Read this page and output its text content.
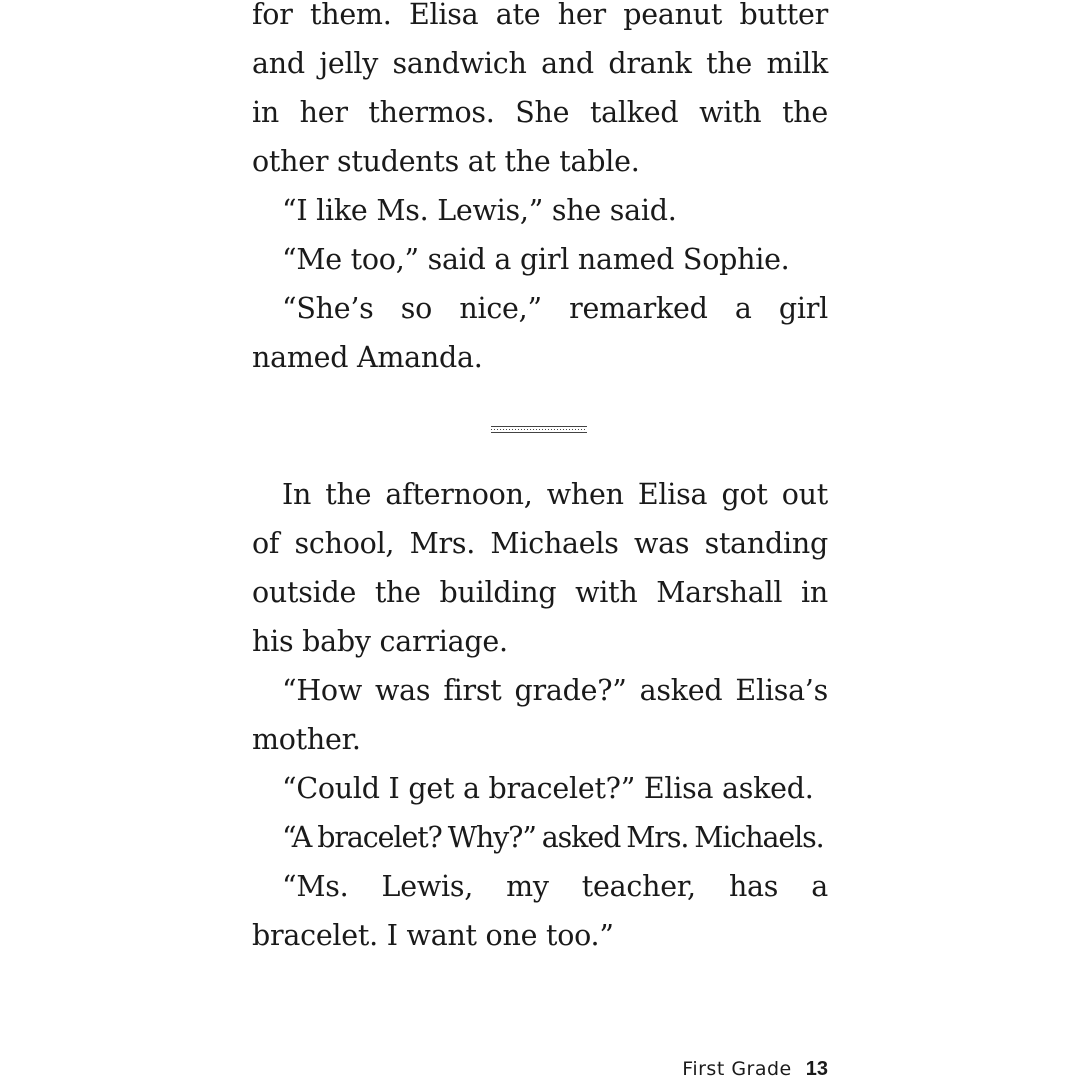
for them. Elisa ate her peanut butter and jelly sandwich and drank the milk in her thermos. She talked with the other students at the table.

“I like Ms. Lewis,” she said.

“Me too,” said a girl named Sophie.

“She’s so nice,” remarked a girl named Amanda.

In the afternoon, when Elisa got out of school, Mrs. Michaels was standing outside the building with Marshall in his baby carriage.

“How was first grade?” asked Elisa’s mother.

“Could I get a bracelet?” Elisa asked.

“A bracelet? Why?” asked Mrs. Michaels.

“Ms. Lewis, my teacher, has a bracelet. I want one too.”

First Grade 13
